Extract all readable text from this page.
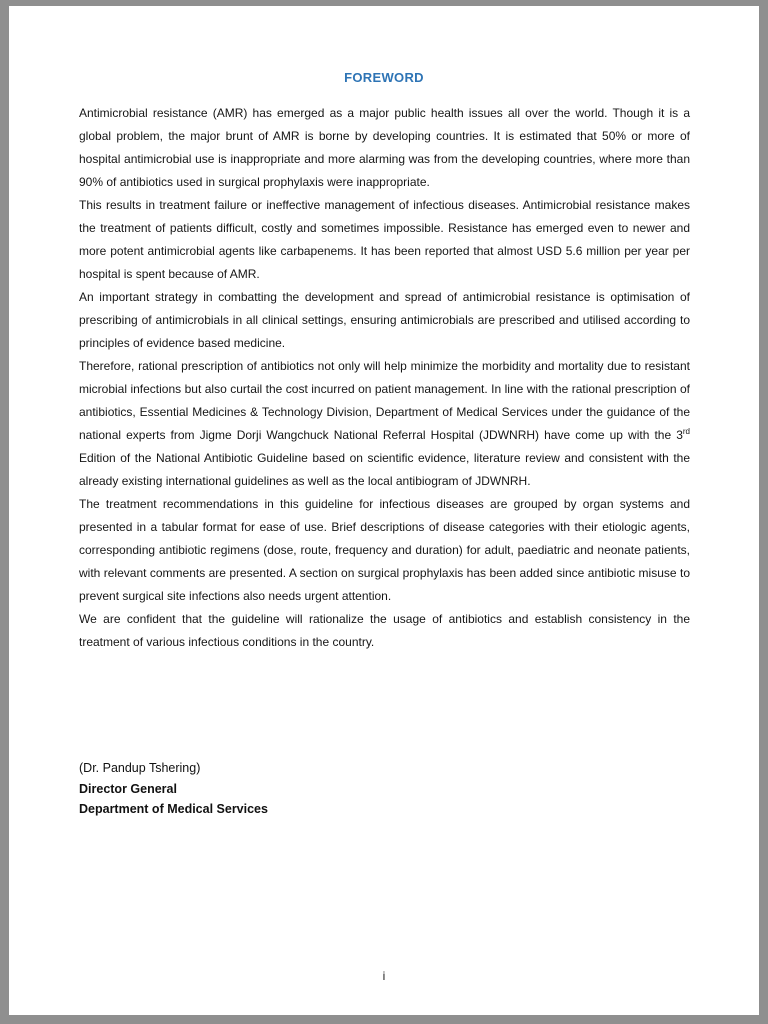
FOREWORD

Antimicrobial resistance (AMR) has emerged as a major public health issues all over the world. Though it is a global problem, the major brunt of AMR is borne by developing countries. It is estimated that 50% or more of hospital antimicrobial use is inappropriate and more alarming was from the developing countries, where more than 90% of antibiotics used in surgical prophylaxis were inappropriate.

This results in treatment failure or ineffective management of infectious diseases. Antimicrobial resistance makes the treatment of patients difficult, costly and sometimes impossible. Resistance has emerged even to newer and more potent antimicrobial agents like carbapenems. It has been reported that almost USD 5.6 million per year per hospital is spent because of AMR.

An important strategy in combatting the development and spread of antimicrobial resistance is optimisation of prescribing of antimicrobials in all clinical settings, ensuring antimicrobials are prescribed and utilised according to principles of evidence based medicine.

Therefore, rational prescription of antibiotics not only will help minimize the morbidity and mortality due to resistant microbial infections but also curtail the cost incurred on patient management. In line with the rational prescription of antibiotics, Essential Medicines & Technology Division, Department of Medical Services under the guidance of the national experts from Jigme Dorji Wangchuck National Referral Hospital (JDWNRH) have come up with the 3rd Edition of the National Antibiotic Guideline based on scientific evidence, literature review and consistent with the already existing international guidelines as well as the local antibiogram of JDWNRH.

The treatment recommendations in this guideline for infectious diseases are grouped by organ systems and presented in a tabular format for ease of use. Brief descriptions of disease categories with their etiologic agents, corresponding antibiotic regimens (dose, route, frequency and duration) for adult, paediatric and neonate patients, with relevant comments are presented. A section on surgical prophylaxis has been added since antibiotic misuse to prevent surgical site infections also needs urgent attention.

We are confident that the guideline will rationalize the usage of antibiotics and establish consistency in the treatment of various infectious conditions in the country.

(Dr. Pandup Tshering)
Director General
Department of Medical Services
i
